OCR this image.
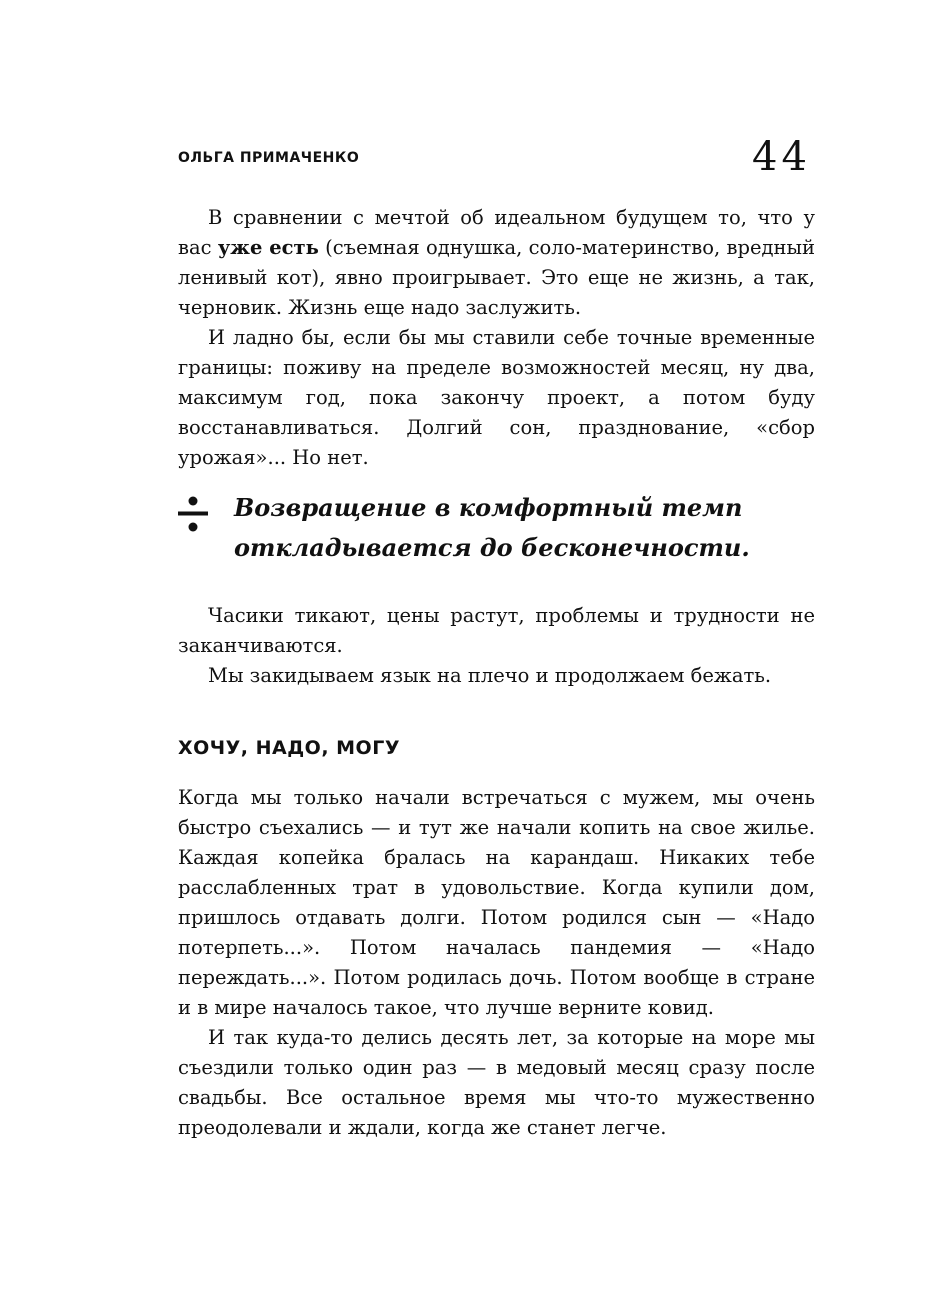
ОЛЬГА ПРИМАЧЕНКО	44

В сравнении с мечтой об идеальном будущем то, что у вас уже есть (съемная однушка, соло-материнство, вредный ленивый кот), явно проигрывает. Это еще не жизнь, а так, черновик. Жизнь еще надо заслужить.

И ладно бы, если бы мы ставили себе точные временные границы: поживу на пределе возможностей месяц, ну два, максимум год, пока закончу проект, а потом буду восстанавливаться. Долгий сон, празднование, «сбор урожая»... Но нет.

Возвращение в комфортный темп откладывается до бесконечности.

Часики тикают, цены растут, проблемы и трудности не заканчиваются.

Мы закидываем язык на плечо и продолжаем бежать.

ХОЧУ, НАДО, МОГУ

Когда мы только начали встречаться с мужем, мы очень быстро съехались — и тут же начали копить на свое жилье. Каждая копейка бралась на карандаш. Никаких тебе расслабленных трат в удовольствие. Когда купили дом, пришлось отдавать долги. Потом родился сын — «Надо потерпеть...». Потом началась пандемия — «Надо переждать...». Потом родилась дочь. Потом вообще в стране и в мире началось такое, что лучше верните ковид.

И так куда-то делись десять лет, за которые на море мы съездили только один раз — в медовый месяц сразу после свадьбы. Все остальное время мы что-то мужественно преодолевали и ждали, когда же станет легче.
